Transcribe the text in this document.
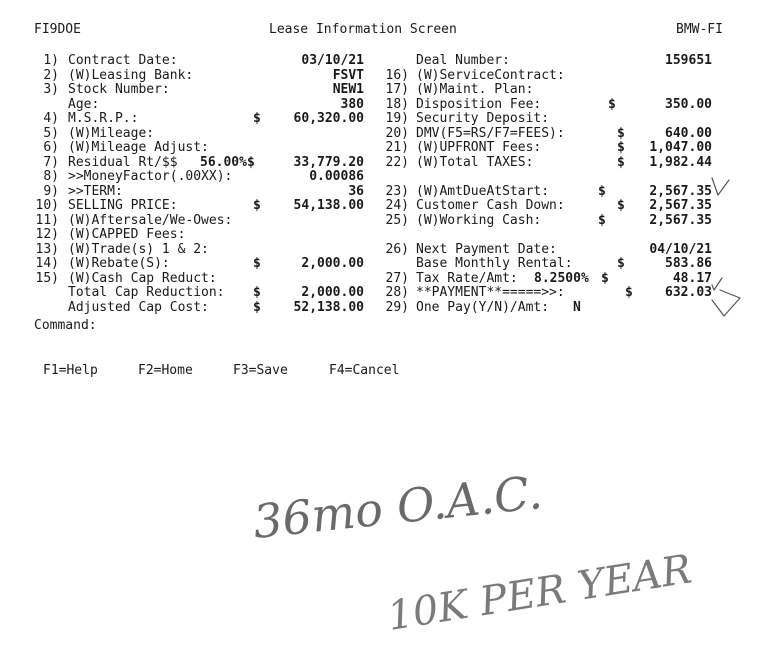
FI9DOE	Lease Information Screen	BMW-FI
1) Contract Date:	03/10/21
2) (W)Leasing Bank:	FSVT
3) Stock Number:	NEW1
Age:	380
4) M.S.R.P.:	$	60,320.00
5) (W)Mileage:
6) (W)Mileage Adjust:
7) Residual Rt/$$ 56.00% $	33,779.20
8) >>MoneyFactor(.00XX):	0.00086
9) >>TERM:	36
10) SELLING PRICE:	$	54,138.00
11) (W)Aftersale/We-Owes:
12) (W)CAPPED Fees:
13) (W)Trade(s) 1 & 2:
14) (W)Rebate(S):	$	2,000.00
15) (W)Cash Cap Reduct:
Total Cap Reduction: $	2,000.00
Adjusted Cap Cost:	$	52,138.00
Deal Number:	159651
16) (W)ServiceContract:
17) (W)Maint. Plan:
18) Disposition Fee:	$	350.00
19) Security Deposit:
20) DMV(F5=RS/F7=FEES):	$	640.00
21) (W)UPFRONT Fees:	$	1,047.00
22) (W)Total TAXES:	$	1,982.44
23) (W)AmtDueAtStart:	$	2,567.35
24) Customer Cash Down:	$	2,567.35
25) (W)Working Cash:	$	2,567.35
26) Next Payment Date:	04/10/21
Base Monthly Rental:	$	583.86
27) Tax Rate/Amt: 8.2500% $	48.17
28) **PAYMENT**=====>>:	$	632.03
29) One Pay(Y/N)/Amt: N
Command:
F1=Help	F2=Home	F3=Save	F4=Cancel
36mo O.A.C.
10K PER YEAR
